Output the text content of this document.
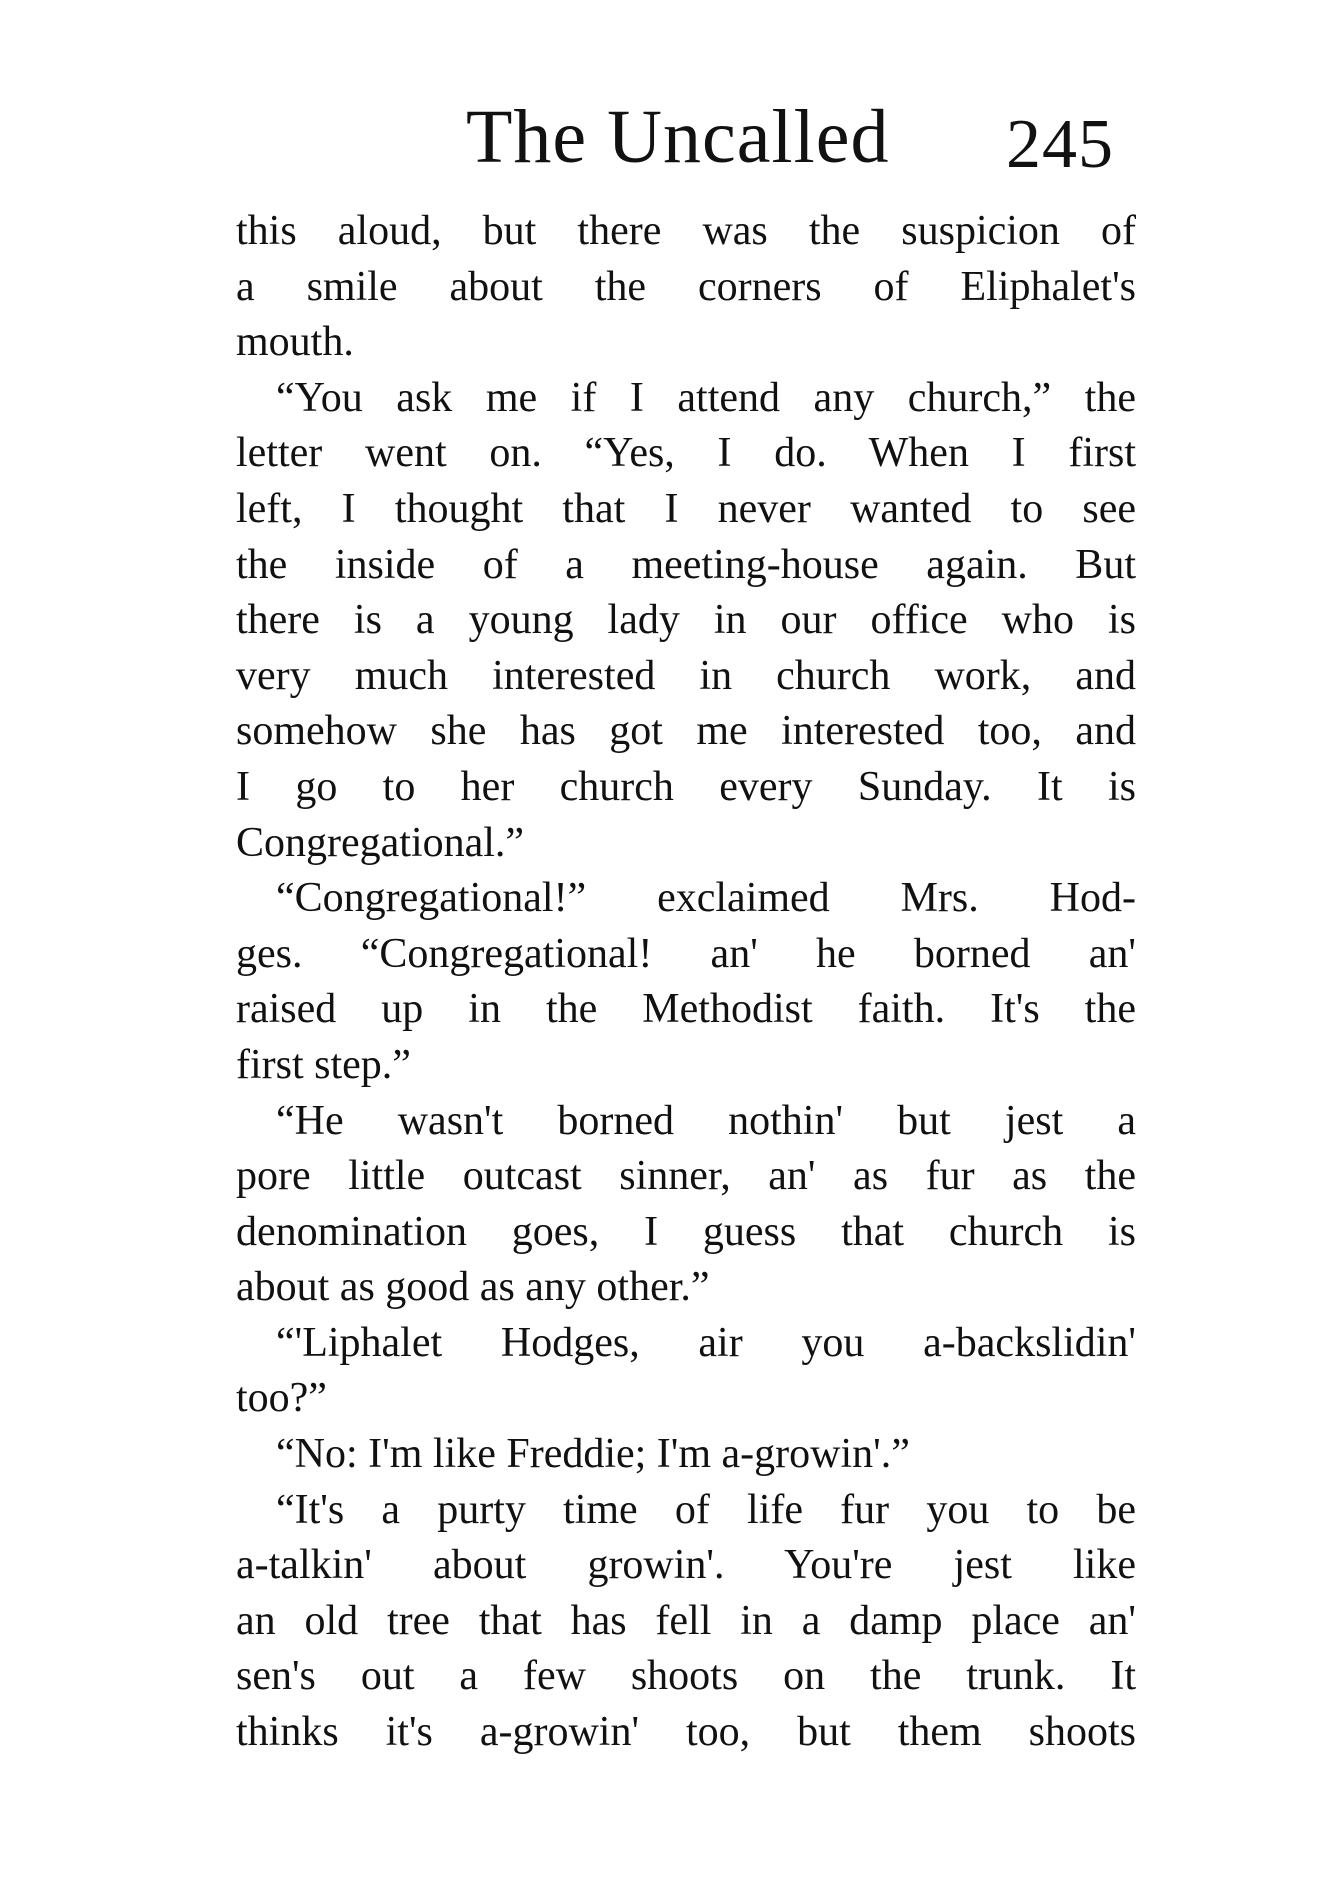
The Uncalled 245
this aloud, but there was the suspicion of
a smile about the corners of Eliphalet's
mouth.
“You ask me if I attend any church,” the
letter went on. “Yes, I do. When I first
left, I thought that I never wanted to see
the inside of a meeting-house again. But
there is a young lady in our office who is
very much interested in church work, and
somehow she has got me interested too, and
I go to her church every Sunday. It is
Congregational.”
“Congregational!” exclaimed Mrs. Hod-
ges. “Congregational! an' he borned an'
raised up in the Methodist faith. It's the
first step.”
“He wasn't borned nothin' but jest a
pore little outcast sinner, an' as fur as the
denomination goes, I guess that church is
about as good as any other.”
“'Liphalet Hodges, air you a-backslidin'
too?”
“No: I'm like Freddie; I'm a-growin'.”
“It's a purty time of life fur you to be
a-talkin' about growin'. You're jest like
an old tree that has fell in a damp place an'
sen's out a few shoots on the trunk. It
thinks it's a-growin' too, but them shoots
